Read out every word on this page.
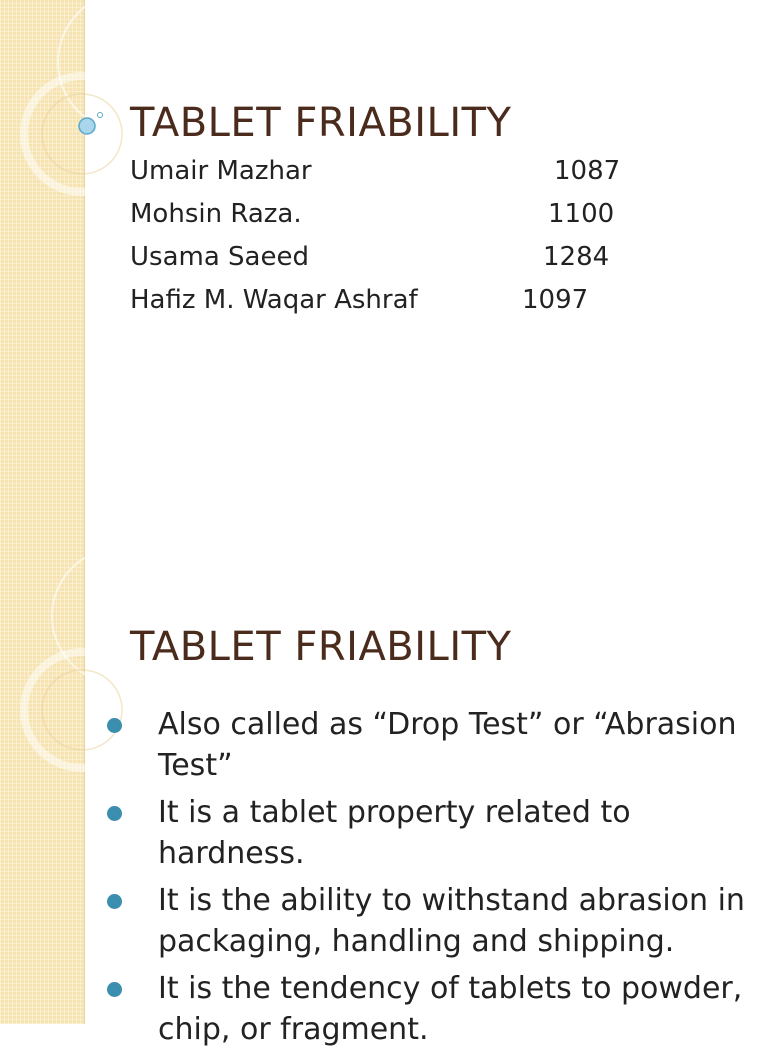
TABLET FRIABILITY
Umair Mazhar	1087
Mohsin Raza.	1100
Usama Saeed	1284
Hafiz M. Waqar Ashraf	1097
TABLET FRIABILITY
Also called as “Drop Test” or “Abrasion Test”
It is a tablet property related to hardness.
It is the ability to withstand abrasion in packaging, handling and shipping.
It is the tendency of tablets to powder, chip, or fragment.
